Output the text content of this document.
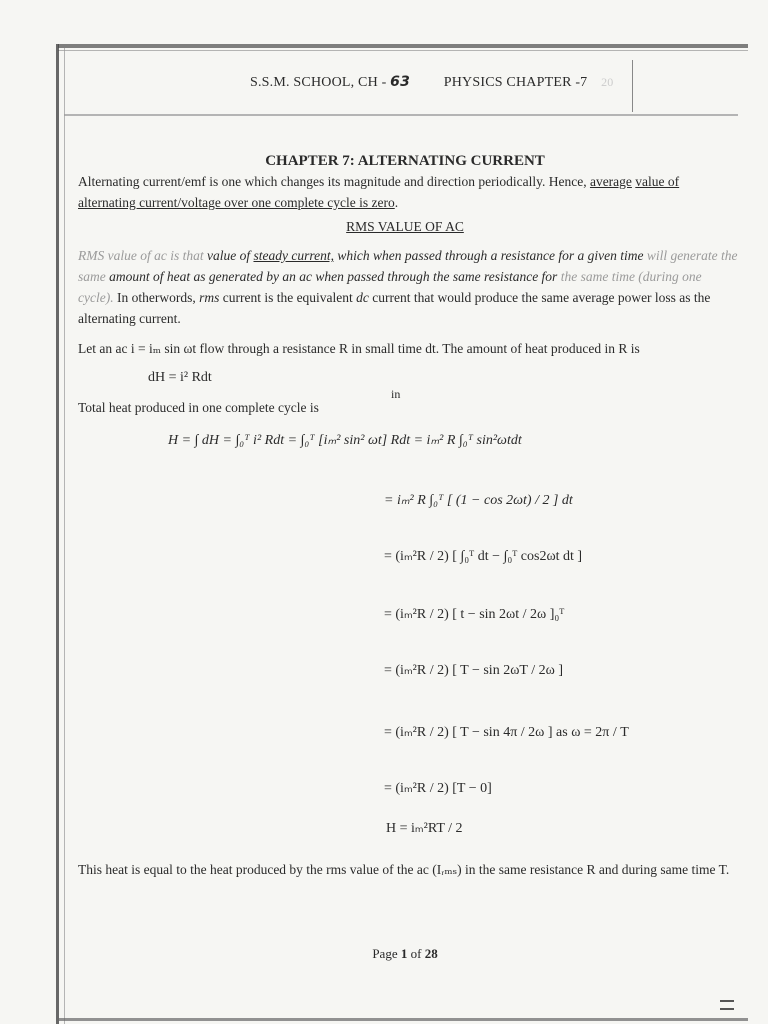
S.S.M. SCHOOL, CH - 63 PHYSICS CHAPTER -7 20
CHAPTER 7: ALTERNATING CURRENT
Alternating current/emf is one which changes its magnitude and direction periodically. Hence, average value of alternating current/voltage over one complete cycle is zero.
RMS VALUE OF AC
RMS value of ac is that value of steady current, which when passed through a resistance for a given time will generate the same amount of heat as generated by an ac when passed through the same resistance for the same time (during one cycle). In otherwords, rms current is the equivalent dc current that would produce the same average power loss as the alternating current.
Let an ac i = iₘ sin ωt flow through a resistance R in small time dt. The amount of heat produced in R is
dH = i² Rdt
Total heat produced in one complete cycle is
in
H = ∫ dH = ∫₀ᵀ i² Rdt = ∫₀ᵀ [iₘ² sin² ωt] Rdt = iₘ² R ∫₀ᵀ sin²ωtdt
= iₘ² R ∫₀ᵀ [ (1 − cos 2ωt) / 2 ] dt
= (iₘ²R / 2) [ ∫₀ᵀ dt − ∫₀ᵀ cos2ωt dt ]
= (iₘ²R / 2) [ t − sin 2ωt / 2ω ]₀ᵀ
= (iₘ²R / 2) [ T − sin 2ωT / 2ω ]
= (iₘ²R / 2) [ T − sin 4π / 2ω ] as ω = 2π / T
= (iₘ²R / 2) [T − 0]
H = iₘ²RT / 2
This heat is equal to the heat produced by the rms value of the ac (Iᵣₘₛ) in the same resistance R and during same time T.
Page 1 of 28
